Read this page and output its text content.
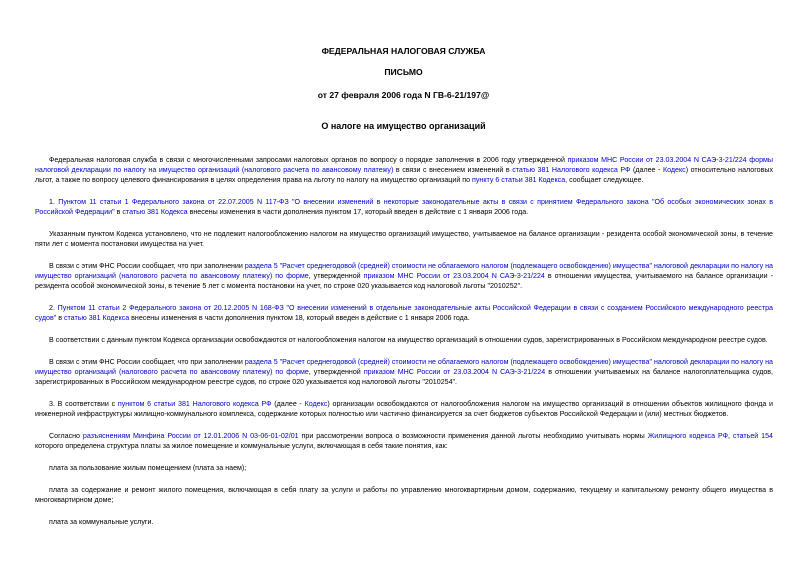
ФЕДЕРАЛЬНАЯ НАЛОГОВАЯ СЛУЖБА
ПИСЬМО
от 27 февраля 2006 года N ГВ-6-21/197@
О налоге на имущество организаций

Федеральная налоговая служба в связи с многочисленными запросами налоговых органов по вопросу о порядке заполнения в 2006 году утвержденной приказом МНС России от 23.03.2004 N САЭ-3-21/224 формы налоговой декларации по налогу на имущество организаций (налогового расчета по авансовому платежу) в связи с внесением изменений в статью 381 Налогового кодекса РФ (далее - Кодекс) относительно налоговых льгот, а также по вопросу целевого финансирования в целях определения права на льготу по налогу на имущество организаций по пункту 6 статьи 381 Кодекса, сообщает следующее.

1. Пунктом 11 статьи 1 Федерального закона от 22.07.2005 N 117-ФЗ "О внесении изменений в некоторые законодательные акты в связи с принятием Федерального закона "Об особых экономических зонах в Российской Федерации" в статью 381 Кодекса внесены изменения в части дополнения пунктом 17, который введен в действие с 1 января 2006 года.

Указанным пунктом Кодекса установлено, что не подлежит налогообложению налогом на имущество организаций имущество, учитываемое на балансе организации - резидента особой экономической зоны, в течение пяти лет с момента постановки имущества на учет.

В связи с этим ФНС России сообщает, что при заполнении раздела 5 "Расчет среднегодовой (средней) стоимости не облагаемого налогом (подлежащего освобождению) имущества" налоговой декларации по налогу на имущество организаций (налогового расчета по авансовому платежу) по форме, утвержденной приказом МНС России от 23.03.2004 N САЭ-3-21/224 в отношении имущества, учитываемого на балансе организации - резидента особой экономической зоны, в течение 5 лет с момента постановки на учет, по строке 020 указывается код налоговой льготы "2010252".

2. Пунктом 11 статьи 2 Федерального закона от 20.12.2005 N 168-ФЗ "О внесении изменений в отдельные законодательные акты Российской Федерации в связи с созданием Российского международного реестра судов" в статью 381 Кодекса внесены изменения в части дополнения пунктом 18, который введен в действие с 1 января 2006 года.

В соответствии с данным пунктом Кодекса организации освобождаются от налогообложения налогом на имущество организаций в отношении судов, зарегистрированных в Российском международном реестре судов.

В связи с этим ФНС России сообщает, что при заполнении раздела 5 "Расчет среднегодовой (средней) стоимости не облагаемого налогом (подлежащего освобождению) имущества" налоговой декларации по налогу на имущество организаций (налогового расчета по авансовому платежу) по форме, утвержденной приказом МНС России от 23.03.2004 N САЭ-3-21/224 в отношении учитываемых на балансе налогоплательщика судов, зарегистрированных в Российском международном реестре судов, по строке 020 указывается код налоговой льготы "2010254".

3. В соответствии с пунктом 6 статьи 381 Налогового кодекса РФ (далее - Кодекс) организации освобождаются от налогообложения налогом на имущество организаций в отношении объектов жилищного фонда и инженерной инфраструктуры жилищно-коммунального комплекса, содержание которых полностью или частично финансируется за счет бюджетов субъектов Российской Федерации и (или) местных бюджетов.

Согласно разъяснениям Минфина России от 12.01.2006 N 03-06-01-02/01 при рассмотрении вопроса о возможности применения данной льготы необходимо учитывать нормы Жилищного кодекса РФ, статьей 154 которого определена структура платы за жилое помещение и коммунальные услуги, включающая в себя такие понятия, как:

плата за пользование жилым помещением (плата за наем);

плата за содержание и ремонт жилого помещения, включающая в себя плату за услуги и работы по управлению многоквартирным домом, содержанию, текущему и капитальному ремонту общего имущества в многоквартирном доме;

плата за коммунальные услуги.
